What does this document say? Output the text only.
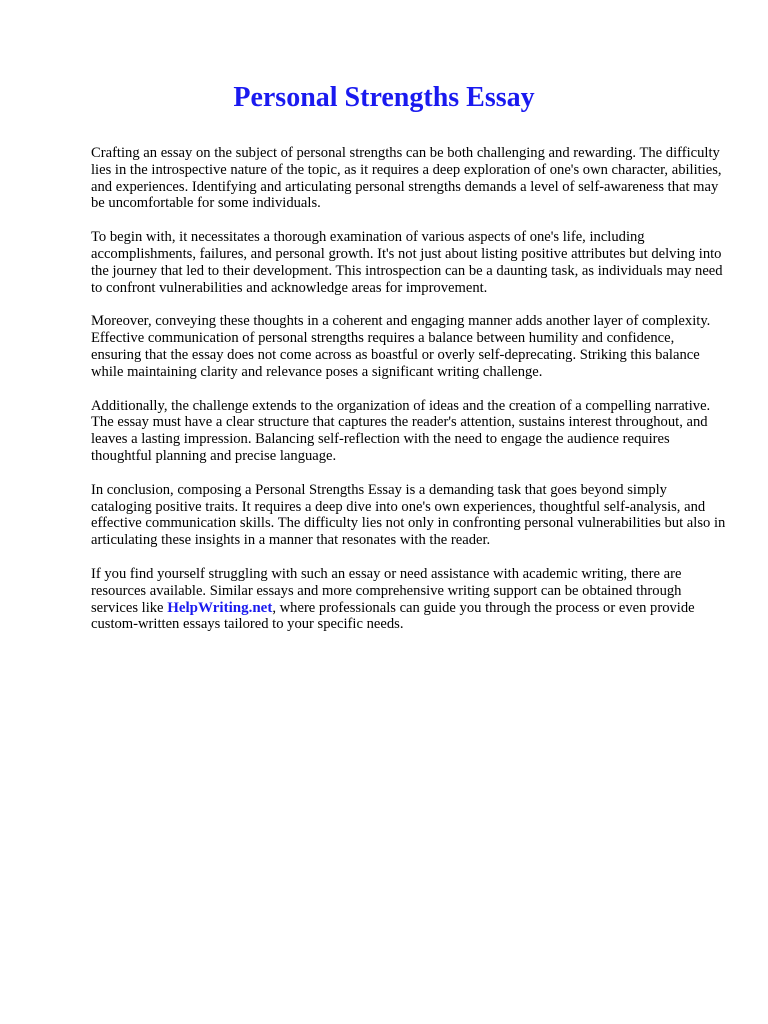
Personal Strengths Essay

Crafting an essay on the subject of personal strengths can be both challenging and rewarding. The difficulty lies in the introspective nature of the topic, as it requires a deep exploration of one's own character, abilities, and experiences. Identifying and articulating personal strengths demands a level of self-awareness that may be uncomfortable for some individuals.

To begin with, it necessitates a thorough examination of various aspects of one's life, including accomplishments, failures, and personal growth. It's not just about listing positive attributes but delving into the journey that led to their development. This introspection can be a daunting task, as individuals may need to confront vulnerabilities and acknowledge areas for improvement.

Moreover, conveying these thoughts in a coherent and engaging manner adds another layer of complexity. Effective communication of personal strengths requires a balance between humility and confidence, ensuring that the essay does not come across as boastful or overly self-deprecating. Striking this balance while maintaining clarity and relevance poses a significant writing challenge.

Additionally, the challenge extends to the organization of ideas and the creation of a compelling narrative. The essay must have a clear structure that captures the reader's attention, sustains interest throughout, and leaves a lasting impression. Balancing self-reflection with the need to engage the audience requires thoughtful planning and precise language.

In conclusion, composing a Personal Strengths Essay is a demanding task that goes beyond simply cataloging positive traits. It requires a deep dive into one's own experiences, thoughtful self-analysis, and effective communication skills. The difficulty lies not only in confronting personal vulnerabilities but also in articulating these insights in a manner that resonates with the reader.

If you find yourself struggling with such an essay or need assistance with academic writing, there are resources available. Similar essays and more comprehensive writing support can be obtained through services like HelpWriting.net, where professionals can guide you through the process or even provide custom-written essays tailored to your specific needs.
